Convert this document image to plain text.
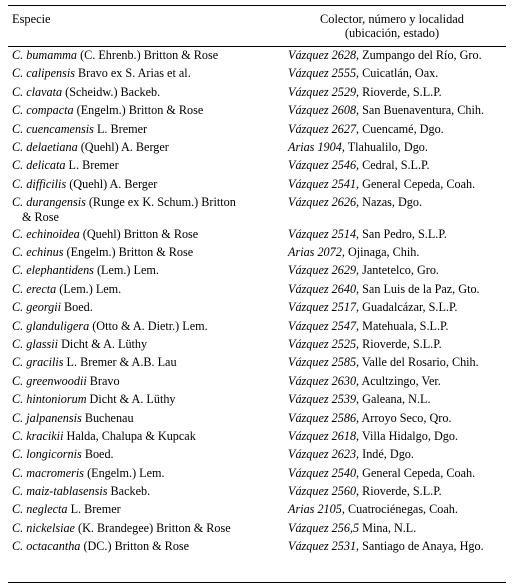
Especie	Colector, número y localidad
(ubicación, estado)
C. bumamma (C. Ehrenb.) Britton & Rose	Vázquez 2628, Zumpango del Río, Gro.
C. calipensis Bravo ex S. Arias et al.	Vázquez 2555, Cuicatlán, Oax.
C. clavata (Scheidw.) Backeb.	Vázquez 2529, Rioverde, S.L.P.
C. compacta (Engelm.) Britton & Rose	Vázquez 2608, San Buenaventura, Chih.
C. cuencamensis L. Bremer	Vázquez 2627, Cuencamé, Dgo.
C. delaetiana (Quehl) A. Berger	Arias 1904, Tlahualilo, Dgo.
C. delicata L. Bremer	Vázquez 2546, Cedral, S.L.P.
C. difficilis (Quehl) A. Berger	Vázquez 2541, General Cepeda, Coah.
C. durangensis (Runge ex K. Schum.) Britton
& Rose	Vázquez 2626, Nazas, Dgo.
C. echinoidea (Quehl) Britton & Rose	Vázquez 2514, San Pedro, S.L.P.
C. echinus (Engelm.) Britton & Rose	Arias 2072, Ojinaga, Chih.
C. elephantidens (Lem.) Lem.	Vázquez 2629, Jantetelco, Gro.
C. erecta (Lem.) Lem.	Vázquez 2640, San Luis de la Paz, Gto.
C. georgii Boed.	Vázquez 2517, Guadalcázar, S.L.P.
C. glanduligera (Otto & A. Dietr.) Lem.	Vázquez 2547, Matehuala, S.L.P.
C. glassii Dicht & A. Lüthy	Vázquez 2525, Rioverde, S.L.P.
C. gracilis L. Bremer & A.B. Lau	Vázquez 2585, Valle del Rosario, Chih.
C. greenwoodii Bravo	Vázquez 2630, Acultzingo, Ver.
C. hintoniorum Dicht & A. Lüthy	Vázquez 2539, Galeana, N.L.
C. jalpanensis Buchenau	Vázquez 2586, Arroyo Seco, Qro.
C. kracikii Halda, Chalupa & Kupcak	Vázquez 2618, Villa Hidalgo, Dgo.
C. longicornis Boed.	Vázquez 2623, Indé, Dgo.
C. macromeris (Engelm.) Lem.	Vázquez 2540, General Cepeda, Coah.
C. maiz-tablasensis Backeb.	Vázquez 2560, Rioverde, S.L.P.
C. neglecta L. Bremer	Arias 2105, Cuatrociénegas, Coah.
C. nickelsiae (K. Brandegee) Britton & Rose	Vázquez 256,5 Mina, N.L.
C. octacantha (DC.) Britton & Rose	Vázquez 2531, Santiago de Anaya, Hgo.
